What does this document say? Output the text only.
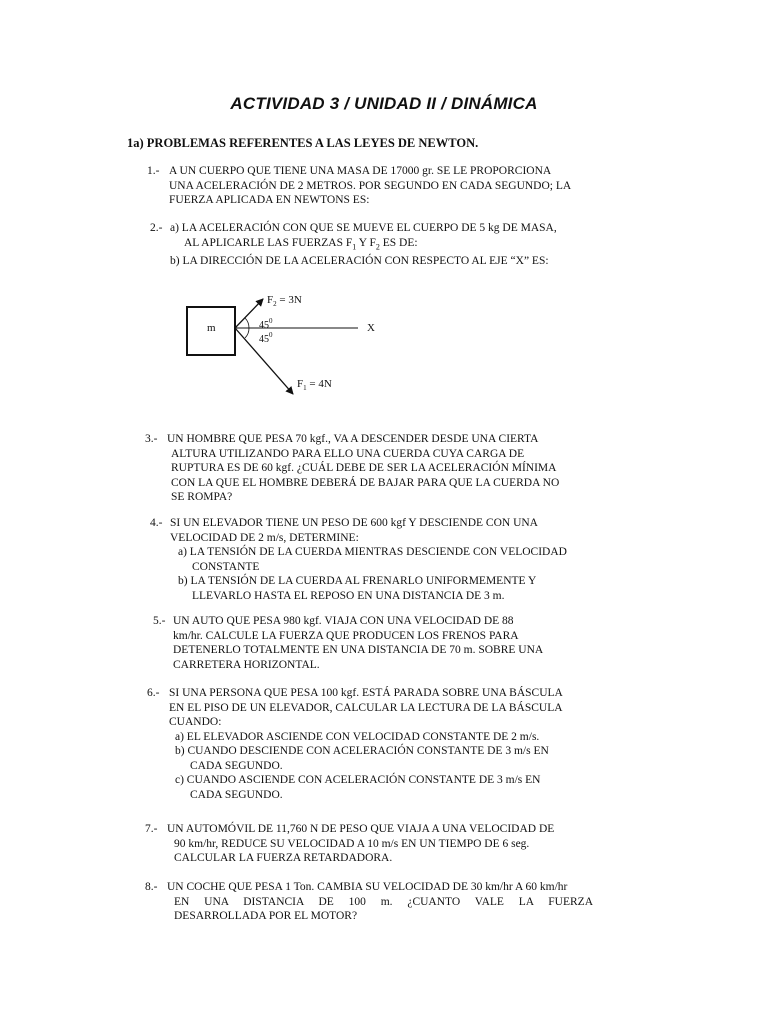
ACTIVIDAD 3 / UNIDAD II / DINÁMICA
1a) PROBLEMAS REFERENTES A LAS LEYES DE NEWTON.
1.- A UN CUERPO QUE TIENE UNA MASA DE 17000 gr. SE LE PROPORCIONA
UNA ACELERACIÓN DE 2 METROS. POR SEGUNDO EN CADA SEGUNDO; LA
FUERZA APLICADA EN NEWTONS ES:
2.- a) LA ACELERACIÓN CON QUE SE MUEVE EL CUERPO DE 5 kg DE MASA,
AL APLICARLE LAS FUERZAS $F_1$ Y $F_2$ ES DE:
b) LA DIRECCIÓN DE LA ACELERACIÓN CON RESPECTO AL EJE “X” ES:
m	X
$45^0$
$45^0$
$F_2 = 3N$
$F_1 = 4N$
3.- UN HOMBRE QUE PESA 70 kgf., VA A DESCENDER DESDE UNA CIERTA
ALTURA UTILIZANDO PARA ELLO UNA CUERDA CUYA CARGA DE
RUPTURA ES DE 60 kgf. ¿CUÁL DEBE DE SER LA ACELERACIÓN MÍNIMA
CON LA QUE EL HOMBRE DEBERÁ DE BAJAR PARA QUE LA CUERDA NO
SE ROMPA?
4.- SI UN ELEVADOR TIENE UN PESO DE 600 kgf Y DESCIENDE CON UNA
VELOCIDAD DE 2 m/s, DETERMINE:
a) LA TENSIÓN DE LA CUERDA MIENTRAS DESCIENDE CON VELOCIDAD
CONSTANTE
b) LA TENSIÓN DE LA CUERDA AL FRENARLO UNIFORMEMENTE Y
LLEVARLO HASTA EL REPOSO EN UNA DISTANCIA DE 3 m.
5.- UN AUTO QUE PESA 980 kgf. VIAJA CON UNA VELOCIDAD DE 88
km/hr. CALCULE LA FUERZA QUE PRODUCEN LOS FRENOS PARA
DETENERLO TOTALMENTE EN UNA DISTANCIA DE 70 m. SOBRE UNA
CARRETERA HORIZONTAL.
6.- SI UNA PERSONA QUE PESA 100 kgf. ESTÁ PARADA SOBRE UNA BÁSCULA
EN EL PISO DE UN ELEVADOR, CALCULAR LA LECTURA DE LA BÁSCULA
CUANDO:
a) EL ELEVADOR ASCIENDE CON VELOCIDAD CONSTANTE DE 2 m/s.
b) CUANDO DESCIENDE CON ACELERACIÓN CONSTANTE DE 3 m/s EN
CADA SEGUNDO.
c) CUANDO ASCIENDE CON ACELERACIÓN CONSTANTE DE 3 m/s EN
CADA SEGUNDO.
7.- UN AUTOMÓVIL DE 11,760 N DE PESO QUE VIAJA A UNA VELOCIDAD DE
90 km/hr, REDUCE SU VELOCIDAD A 10 m/s EN UN TIEMPO DE 6 seg.
CALCULAR LA FUERZA RETARDADORA.
8.- UN COCHE QUE PESA 1 Ton. CAMBIA SU VELOCIDAD DE 30 km/hr A 60 km/hr
EN UNA DISTANCIA DE 100 m. ¿CUANTO VALE LA FUERZA
DESARROLLADA POR EL MOTOR?
